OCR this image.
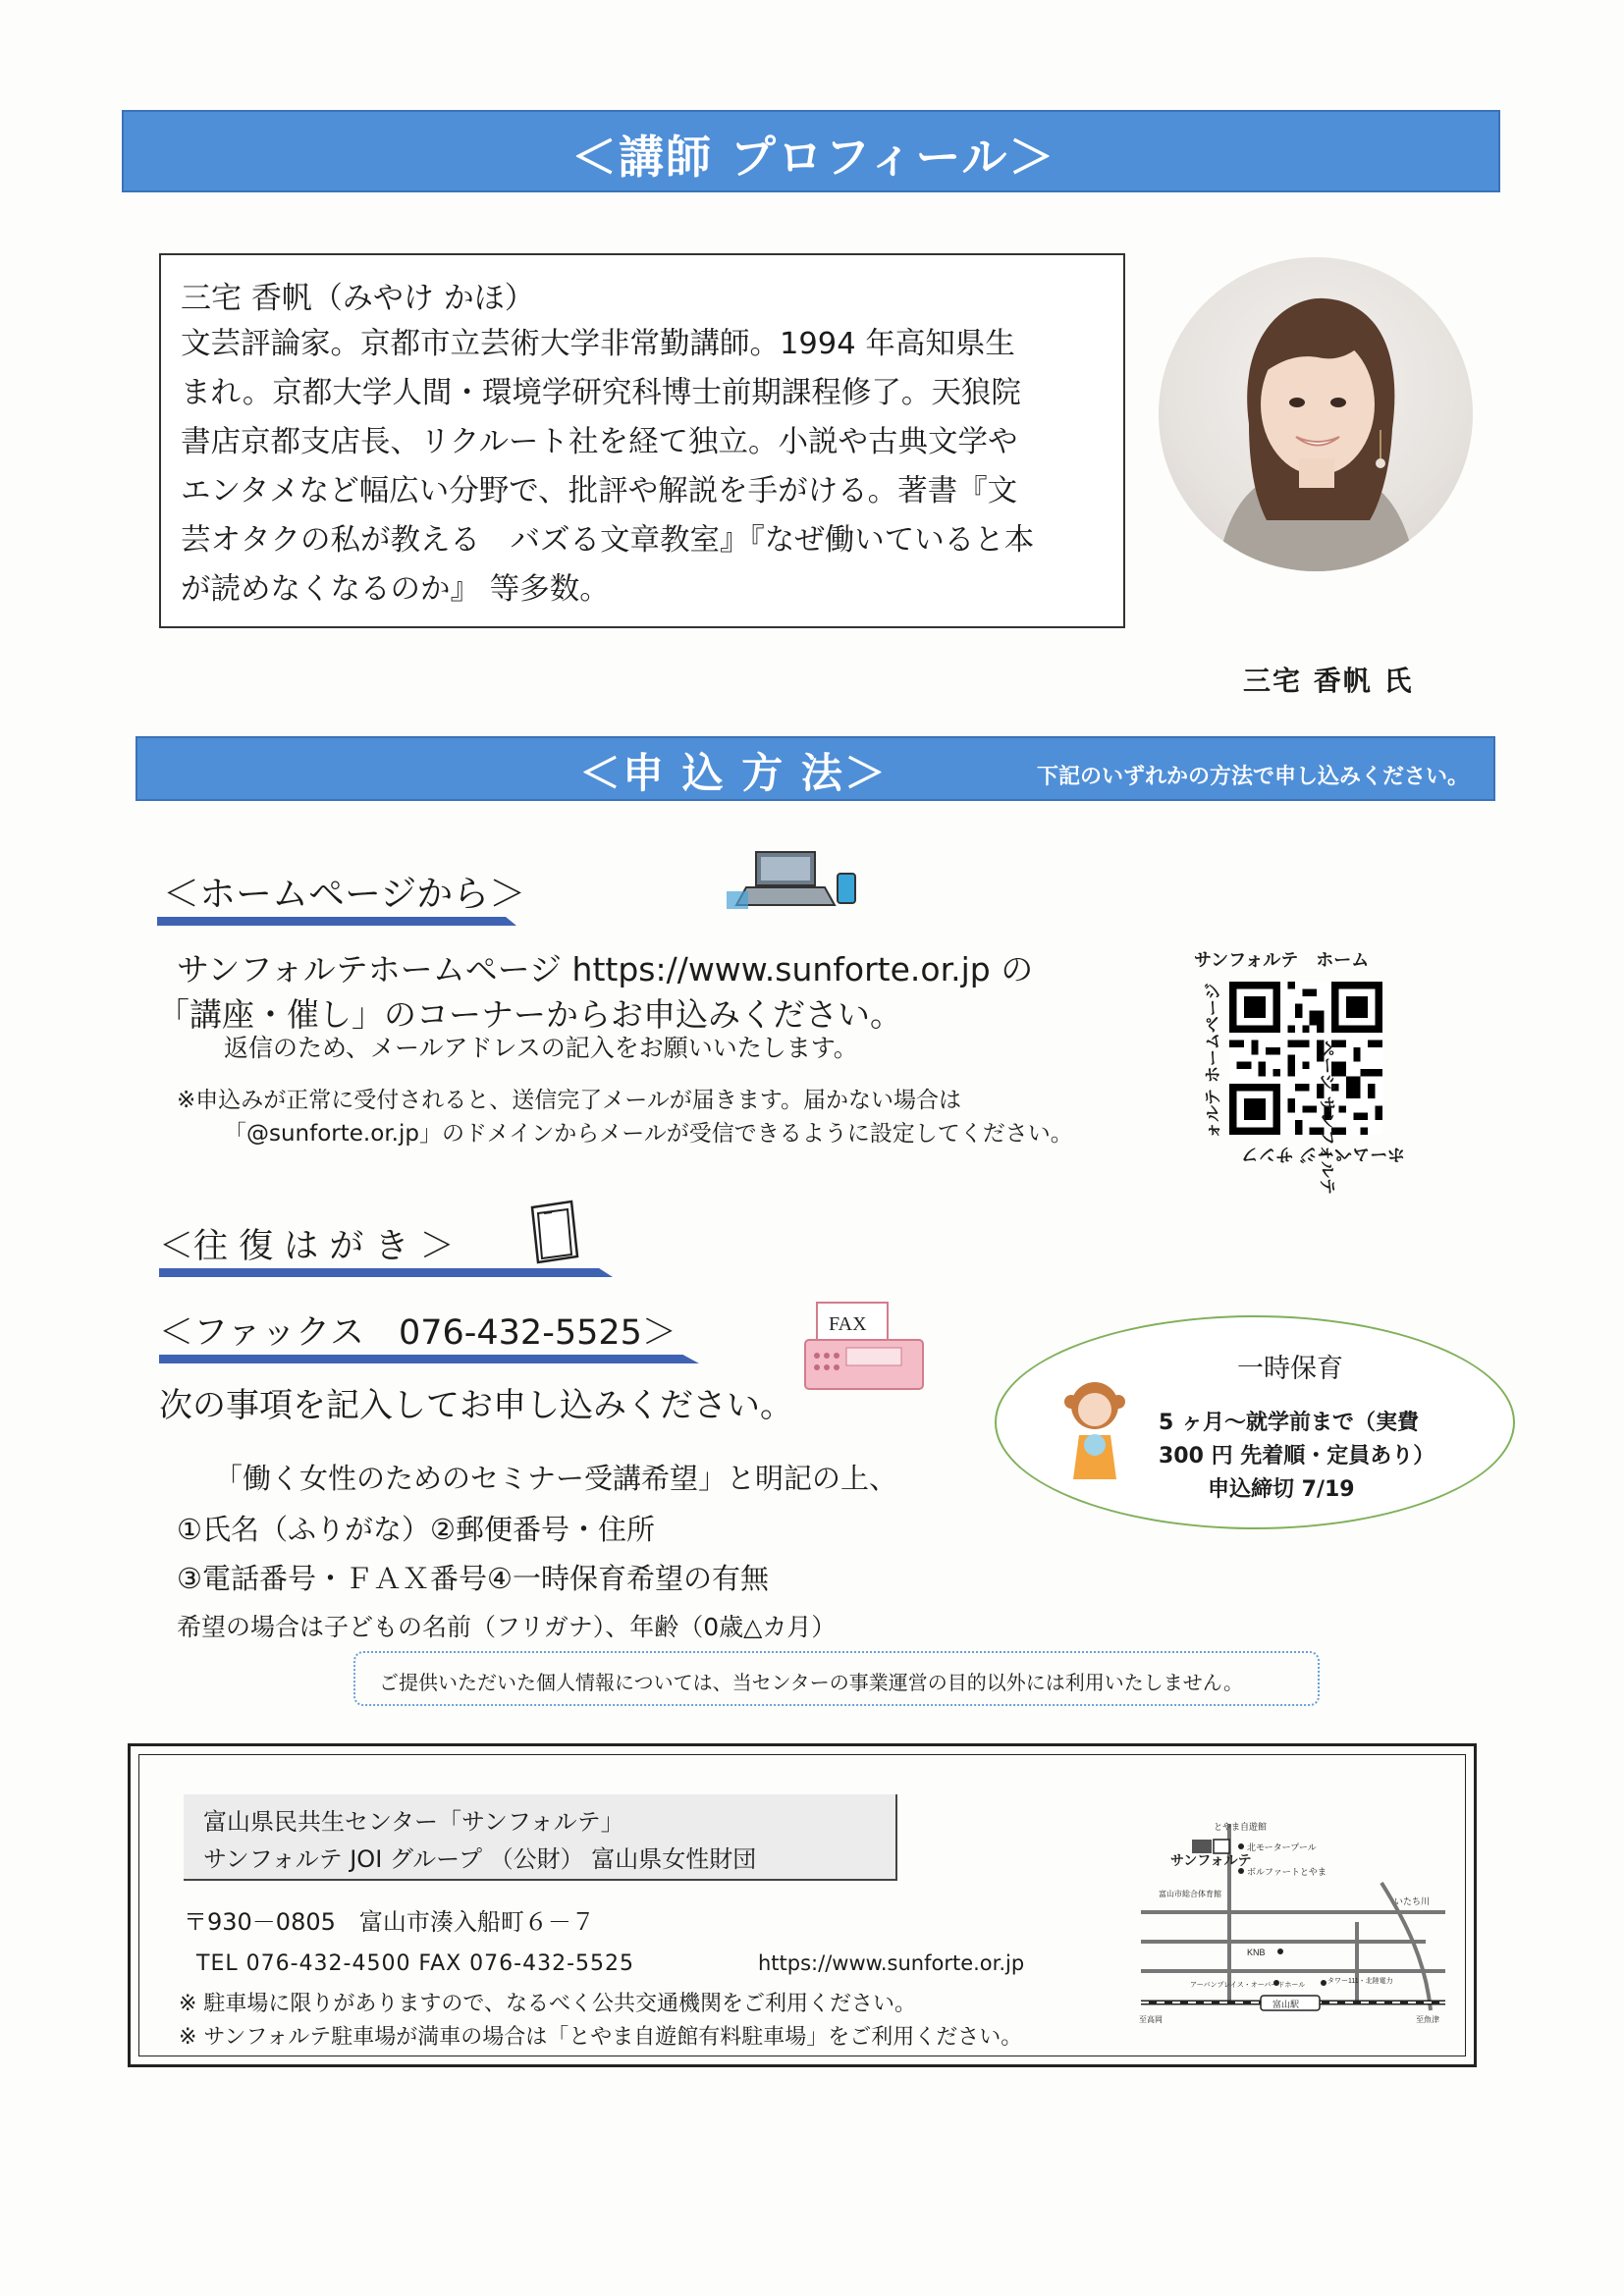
＜講師 プロフィール＞
三宅 香帆（みやけ かほ）
文芸評論家。京都市立芸術大学非常勤講師。1994 年高知県生
まれ。京都大学人間・環境学研究科博士前期課程修了。天狼院
書店京都支店長、リクルート社を経て独立。小説や古典文学や
エンタメなど幅広い分野で、批評や解説を手がける。著書『文
芸オタクの私が教える　バズる文章教室』『なぜ働いていると本
が読めなくなるのか』 等多数。
三宅 香帆 氏
＜申 込 方 法＞	下記のいずれかの方法で申し込みください。
＜ホームページから＞
サンフォルテホームページ https://www.sunforte.or.jp の
「講座・催し」のコーナーからお申込みください。
返信のため、メールアドレスの記入をお願いいたします。
※申込みが正常に受付されると、送信完了メールが届きます。届かない場合は
「@sunforte.or.jp」のドメインからメールが受信できるように設定してください。
サンフォルテ　ホーム
ページ サンフォルテ
ホームページ サンフ
ォルテ ホームページ
＜往 復 は が き ＞
＜ファックス　076-432-5525＞	FAX
次の事項を記入してお申し込みください。
「働く女性のためのセミナー受講希望」と明記の上、
①氏名（ふりがな）②郵便番号・住所
③電話番号・ＦＡＸ番号④一時保育希望の有無
希望の場合は子どもの名前（フリガナ）、年齢（0歳△カ月）
一時保育
5 ヶ月～就学前まで（実費
300 円 先着順・定員あり）
申込締切 7/19
ご提供いただいた個人情報については、当センターの事業運営の目的以外には利用いたしません。
富山県民共生センター「サンフォルテ」
サンフォルテ JOI グループ （公財） 富山県女性財団
〒930－0805　富山市湊入船町６－７
TEL 076-432-4500 FAX 076-432-5525	https://www.sunforte.or.jp
※ 駐車場に限りがありますので、なるべく公共交通機関をご利用ください。
※ サンフォルテ駐車場が満車の場合は「とやま自遊館有料駐車場」をご利用ください。
とやま自遊館
サンフォルテ
北モータープール
富山市総合体育館
ボルファートとやま
いたち川
KNB
アーバンプレイス・オーバードホール
タワー111・北陸電力
富山駅
至高岡	至魚津
